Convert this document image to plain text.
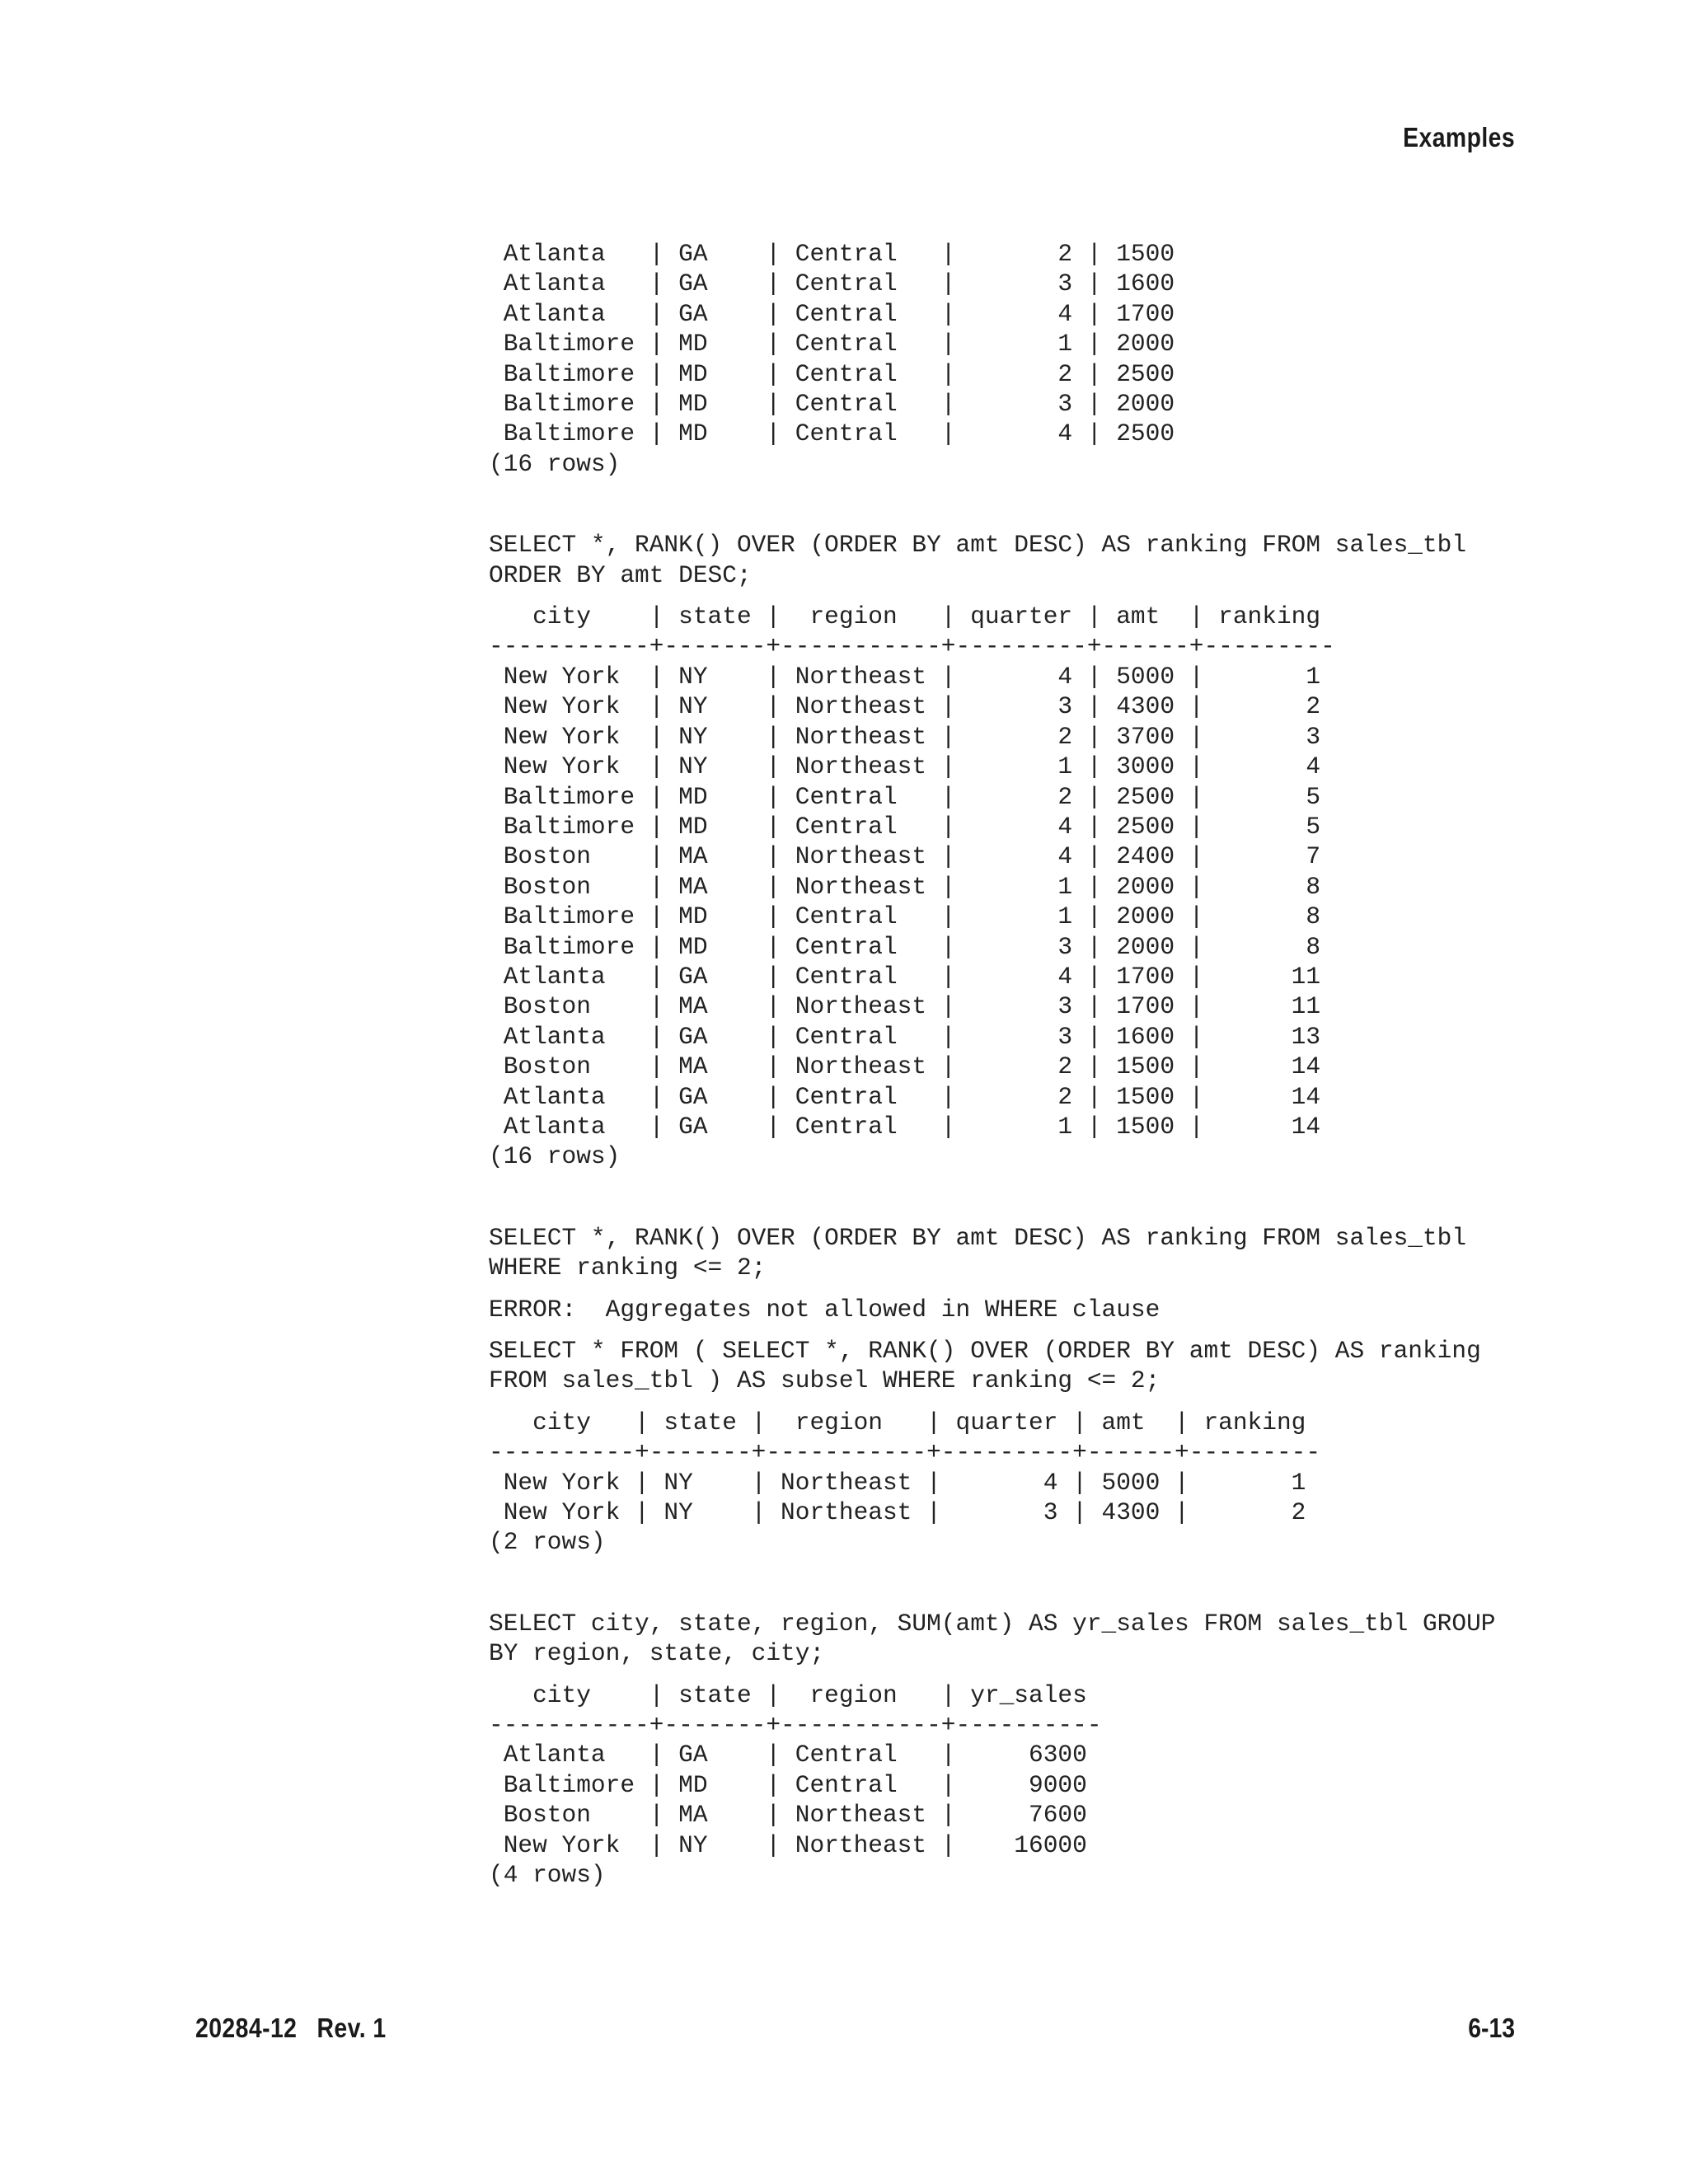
Examples
Atlanta   | GA    | Central   |       2 | 1500
Atlanta   | GA    | Central   |       3 | 1600
Atlanta   | GA    | Central   |       4 | 1700
Baltimore | MD    | Central   |       1 | 2000
Baltimore | MD    | Central   |       2 | 2500
Baltimore | MD    | Central   |       3 | 2000
Baltimore | MD    | Central   |       4 | 2500
(16 rows)
SELECT *, RANK() OVER (ORDER BY amt DESC) AS ranking FROM sales_tbl
ORDER BY amt DESC;
city    | state |  region   | quarter | amt  | ranking
-----------+-------+-----------+---------+------+---------
New York  | NY    | Northeast |       4 | 5000 |       1
New York  | NY    | Northeast |       3 | 4300 |       2
New York  | NY    | Northeast |       2 | 3700 |       3
New York  | NY    | Northeast |       1 | 3000 |       4
Baltimore | MD    | Central   |       2 | 2500 |       5
Baltimore | MD    | Central   |       4 | 2500 |       5
Boston    | MA    | Northeast |       4 | 2400 |       7
Boston    | MA    | Northeast |       1 | 2000 |       8
Baltimore | MD    | Central   |       1 | 2000 |       8
Baltimore | MD    | Central   |       3 | 2000 |       8
Atlanta   | GA    | Central   |       4 | 1700 |      11
Boston    | MA    | Northeast |       3 | 1700 |      11
Atlanta   | GA    | Central   |       3 | 1600 |      13
Boston    | MA    | Northeast |       2 | 1500 |      14
Atlanta   | GA    | Central   |       2 | 1500 |      14
Atlanta   | GA    | Central   |       1 | 1500 |      14
(16 rows)
SELECT *, RANK() OVER (ORDER BY amt DESC) AS ranking FROM sales_tbl
WHERE ranking <= 2;
ERROR:  Aggregates not allowed in WHERE clause
SELECT * FROM ( SELECT *, RANK() OVER (ORDER BY amt DESC) AS ranking
FROM sales_tbl ) AS subsel WHERE ranking <= 2;
city   | state |  region   | quarter | amt  | ranking
----------+-------+-----------+---------+------+---------
New York | NY    | Northeast |       4 | 5000 |       1
New York | NY    | Northeast |       3 | 4300 |       2
(2 rows)
SELECT city, state, region, SUM(amt) AS yr_sales FROM sales_tbl GROUP
BY region, state, city;
city    | state |  region   | yr_sales
-----------+-------+-----------+----------
Atlanta   | GA    | Central   |     6300
Baltimore | MD    | Central   |     9000
Boston    | MA    | Northeast |     7600
New York  | NY    | Northeast |    16000
(4 rows)
20284-12 Rev. 1	6-13
